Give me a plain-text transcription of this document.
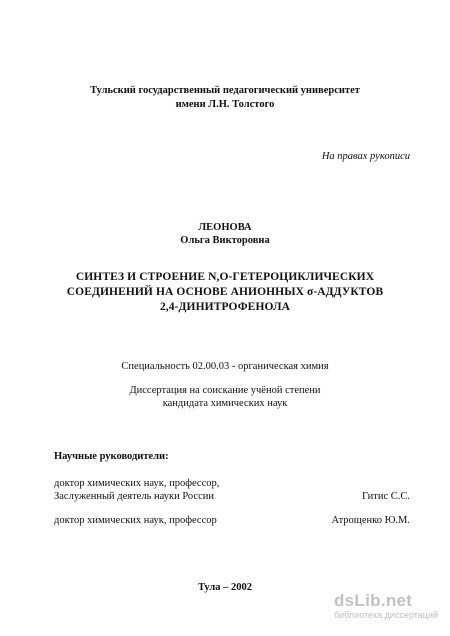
Тульский государственный педагогический университет
имени Л.Н. Толстого
На правах рукописи
ЛЕОНОВА
Ольга Викторовна
СИНТЕЗ И СТРОЕНИЕ N,O-ГЕТЕРОЦИКЛИЧЕСКИХ
СОЕДИНЕНИЙ НА ОСНОВЕ АНИОННЫХ σ-АДДУКТОВ
2,4-ДИНИТРОФЕНОЛА
Специальность 02.00.03 - органическая химия
Диссертация на соискание учёной степени
кандидата химических наук
Научные руководители:
доктор химических наук, профессор,
Заслуженный деятель науки России	Гитис С.С.
доктор химических наук, профессор	Атрощенко Ю.М.
Тула – 2002
dsLib.net
библиотека диссертаций
